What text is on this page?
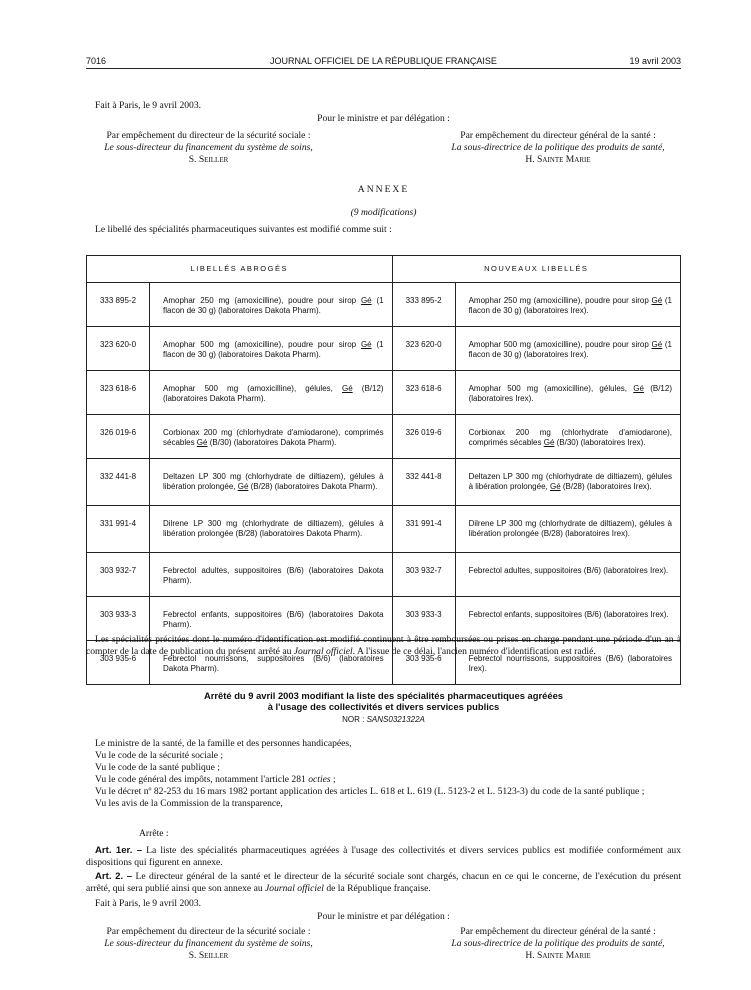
7016	JOURNAL OFFICIEL DE LA RÉPUBLIQUE FRANÇAISE	19 avril 2003
Fait à Paris, le 9 avril 2003.
Pour le ministre et par délégation :
Par empêchement du directeur de la sécurité sociale :
Le sous-directeur du financement du système de soins,
S. Seiller
Par empêchement du directeur général de la santé :
La sous-directrice de la politique des produits de santé,
H. Sainte Marie
ANNEXE
(9 modifications)
Le libellé des spécialités pharmaceutiques suivantes est modifié comme suit :
LIBELLÉS ABROGÉS		NOUVEAUX LIBELLÉS	
333 895-2	Amophar 250 mg (amoxicilline), poudre pour sirop Gé (1 flacon de 30 g) (laboratoires Dakota Pharm).	333 895-2	Amophar 250 mg (amoxicilline), poudre pour sirop Gé (1 flacon de 30 g) (laboratoires Irex).
323 620-0	Amophar 500 mg (amoxicilline), poudre pour sirop Gé (1 flacon de 30 g) (laboratoires Dakota Pharm).	323 620-0	Amophar 500 mg (amoxicilline), poudre pour sirop Gé (1 flacon de 30 g) (laboratoires Irex).
323 618-6	Amophar 500 mg (amoxicilline), gélules, Gé (B/12) (laboratoires Dakota Pharm).	323 618-6	Amophar 500 mg (amoxicilline), gélules, Gé (B/12) (laboratoires Irex).
326 019-6	Corbionax 200 mg (chlorhydrate d'amiodarone), comprimés sécables Gé (B/30) (laboratoires Dakota Pharm).	326 019-6	Corbionax 200 mg (chlorhydrate d'amiodarone), comprimés sécables Gé (B/30) (laboratoires Irex).
332 441-8	Deltazen LP 300 mg (chlorhydrate de diltiazem), gélules à libération prolongée, Gé (B/28) (laboratoires Dakota Pharm).	332 441-8	Deltazen LP 300 mg (chlorhydrate de diltiazem), gélules à libération prolongée, Gé (B/28) (laboratoires Irex).
331 991-4	Dilrene LP 300 mg (chlorhydrate de diltiazem), gélules à libération prolongée (B/28) (laboratoires Dakota Pharm).	331 991-4	Dilrene LP 300 mg (chlorhydrate de diltiazem), gélules à libération prolongée (B/28) (laboratoires Irex).
303 932-7	Febrectol adultes, suppositoires (B/6) (laboratoires Dakota Pharm).	303 932-7	Febrectol adultes, suppositoires (B/6) (laboratoires Irex).
303 933-3	Febrectol enfants, suppositoires (B/6) (laboratoires Dakota Pharm).	303 933-3	Febrectol enfants, suppositoires (B/6) (laboratoires Irex).
303 935-6	Febrectol nourrissons, suppositoires (B/6) (laboratoires Dakota Pharm).	303 935-6	Febrectol nourrissons, suppositoires (B/6) (laboratoires Irex).
Les spécialités précitées dont le numéro d'identification est modifié continuent à être remboursées ou prises en charge pendant une période d'un an à compter de la date de publication du présent arrêté au Journal officiel. A l'issue de ce délai, l'ancien numéro d'identification est radié.
Arrêté du 9 avril 2003 modifiant la liste des spécialités pharmaceutiques agréées
à l'usage des collectivités et divers services publics
NOR : SANS0321322A
Le ministre de la santé, de la famille et des personnes handicapées,
Vu le code de la sécurité sociale ;
Vu le code de la santé publique ;
Vu le code général des impôts, notamment l'article 281 octies ;
Vu le décret nº 82-253 du 16 mars 1982 portant application des articles L. 618 et L. 619 (L. 5123-2 et L. 5123-3) du code de la santé publique ;
Vu les avis de la Commission de la transparence,
Arrête :
Art. 1er. – La liste des spécialités pharmaceutiques agréées à l'usage des collectivités et divers services publics est modifiée conformément aux dispositions qui figurent en annexe.
Art. 2. – Le directeur général de la santé et le directeur de la sécurité sociale sont chargés, chacun en ce qui le concerne, de l'exécution du présent arrêté, qui sera publié ainsi que son annexe au Journal officiel de la République française.
Fait à Paris, le 9 avril 2003.
Pour le ministre et par délégation :
Par empêchement du directeur de la sécurité sociale :
Le sous-directeur du financement du système de soins,
S. Seiller
Par empêchement du directeur général de la santé :
La sous-directrice de la politique des produits de santé,
H. Sainte Marie
